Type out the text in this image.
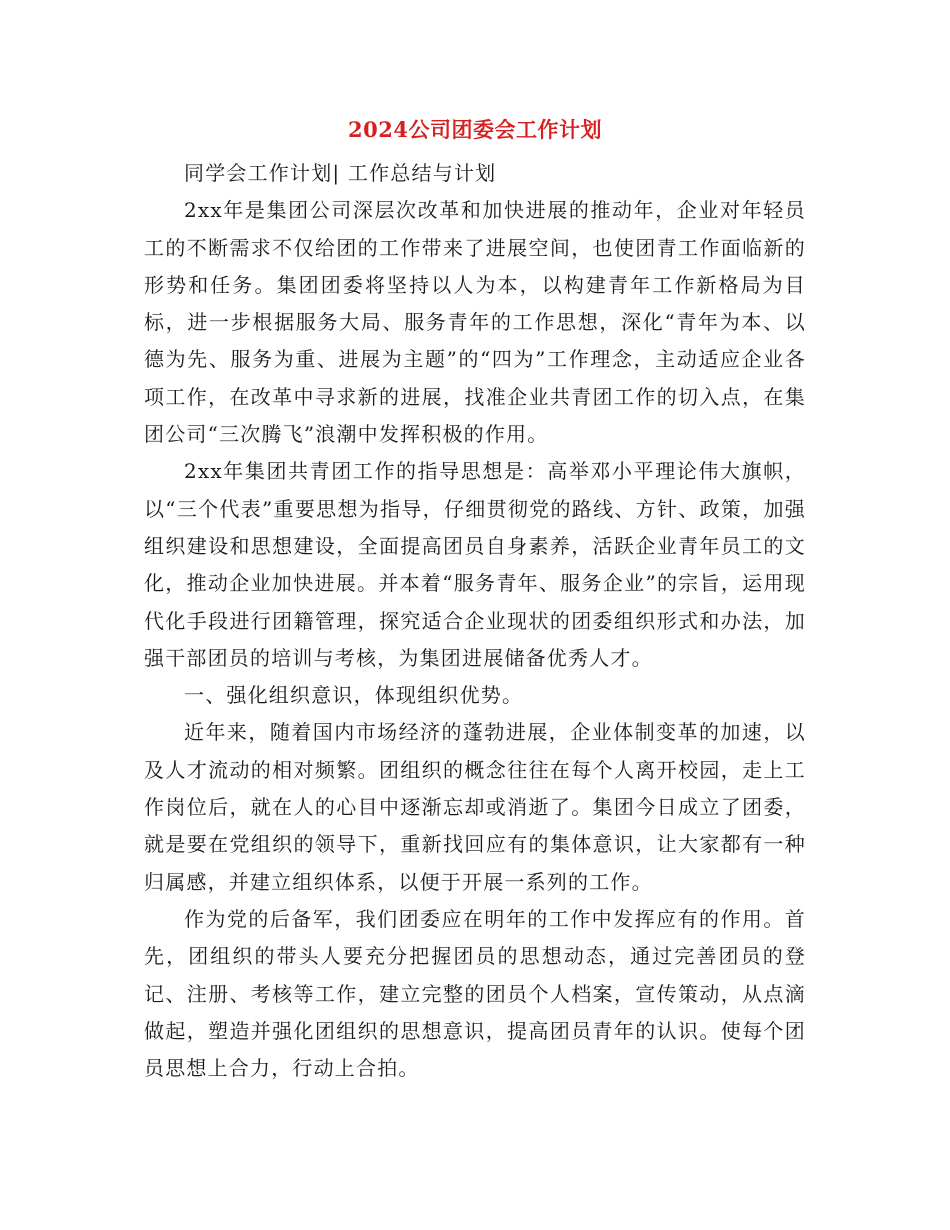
2024公司团委会工作计划

同学会工作计划| 工作总结与计划

2xx年是集团公司深层次改革和加快进展的推动年，企业对年轻员工的不断需求不仅给团的工作带来了进展空间，也使团青工作面临新的形势和任务。集团团委将坚持以人为本，以构建青年工作新格局为目标，进一步根据服务大局、服务青年的工作思想，深化“青年为本、以德为先、服务为重、进展为主题”的“四为”工作理念，主动适应企业各项工作，在改革中寻求新的进展，找准企业共青团工作的切入点，在集团公司“三次腾飞”浪潮中发挥积极的作用。

2xx年集团共青团工作的指导思想是：高举邓小平理论伟大旗帜，以“三个代表”重要思想为指导，仔细贯彻党的路线、方针、政策，加强组织建设和思想建设，全面提高团员自身素养，活跃企业青年员工的文化，推动企业加快进展。并本着“服务青年、服务企业”的宗旨，运用现代化手段进行团籍管理，探究适合企业现状的团委组织形式和办法，加强干部团员的培训与考核，为集团进展储备优秀人才。

一、强化组织意识，体现组织优势。

近年来，随着国内市场经济的蓬勃进展，企业体制变革的加速，以及人才流动的相对频繁。团组织的概念往往在每个人离开校园，走上工作岗位后，就在人的心目中逐渐忘却或消逝了。集团今日成立了团委，就是要在党组织的领导下，重新找回应有的集体意识，让大家都有一种归属感，并建立组织体系，以便于开展一系列的工作。

作为党的后备军，我们团委应在明年的工作中发挥应有的作用。首先，团组织的带头人要充分把握团员的思想动态，通过完善团员的登记、注册、考核等工作，建立完整的团员个人档案，宣传策动，从点滴做起，塑造并强化团组织的思想意识，提高团员青年的认识。使每个团员思想上合力，行动上合拍。
